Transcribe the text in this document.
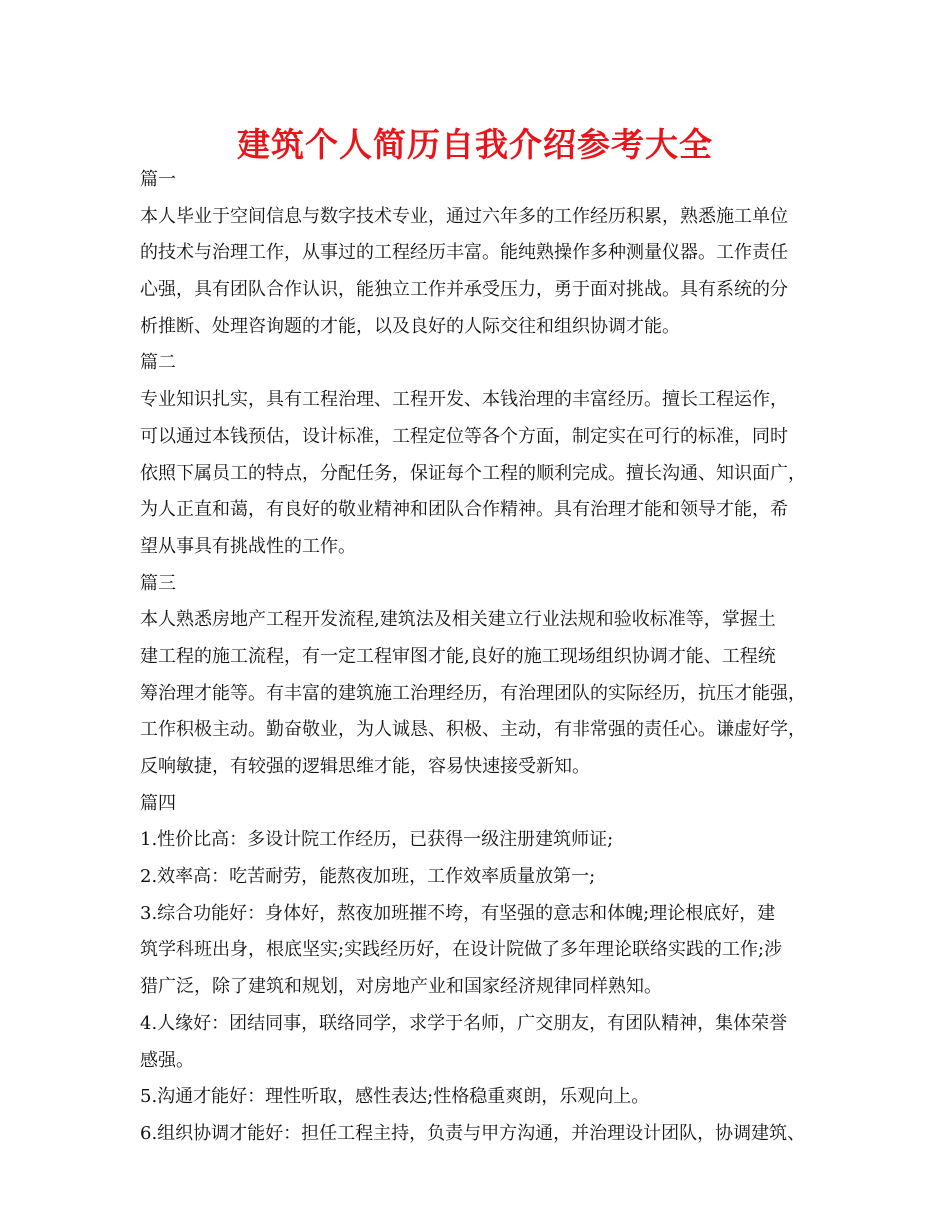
建筑个人简历自我介绍参考大全
篇一
本人毕业于空间信息与数字技术专业，通过六年多的工作经历积累，熟悉施工单位
的技术与治理工作，从事过的工程经历丰富。能纯熟操作多种测量仪器。工作责任
心强，具有团队合作认识，能独立工作并承受压力，勇于面对挑战。具有系统的分
析推断、处理咨询题的才能，以及良好的人际交往和组织协调才能。
篇二
专业知识扎实，具有工程治理、工程开发、本钱治理的丰富经历。擅长工程运作，
可以通过本钱预估，设计标准，工程定位等各个方面，制定实在可行的标准，同时
依照下属员工的特点，分配任务，保证每个工程的顺利完成。擅长沟通、知识面广，
为人正直和蔼，有良好的敬业精神和团队合作精神。具有治理才能和领导才能，希
望从事具有挑战性的工作。
篇三
本人熟悉房地产工程开发流程,建筑法及相关建立行业法规和验收标准等，掌握土
建工程的施工流程，有一定工程审图才能,良好的施工现场组织协调才能、工程统
筹治理才能等。有丰富的建筑施工治理经历，有治理团队的实际经历，抗压才能强，
工作积极主动。勤奋敬业，为人诚恳、积极、主动，有非常强的责任心。谦虚好学，
反响敏捷，有较强的逻辑思维才能，容易快速接受新知。
篇四
1.性价比高：多设计院工作经历，已获得一级注册建筑师证;
2.效率高：吃苦耐劳，能熬夜加班，工作效率质量放第一;
3.综合功能好：身体好，熬夜加班摧不垮，有坚强的意志和体魄;理论根底好，建
筑学科班出身，根底坚实;实践经历好，在设计院做了多年理论联络实践的工作;涉
猎广泛，除了建筑和规划，对房地产业和国家经济规律同样熟知。
4.人缘好：团结同事，联络同学，求学于名师，广交朋友，有团队精神，集体荣誉
感强。
5.沟通才能好：理性听取，感性表达;性格稳重爽朗，乐观向上。
6.组织协调才能好：担任工程主持，负责与甲方沟通，并治理设计团队，协调建筑、
